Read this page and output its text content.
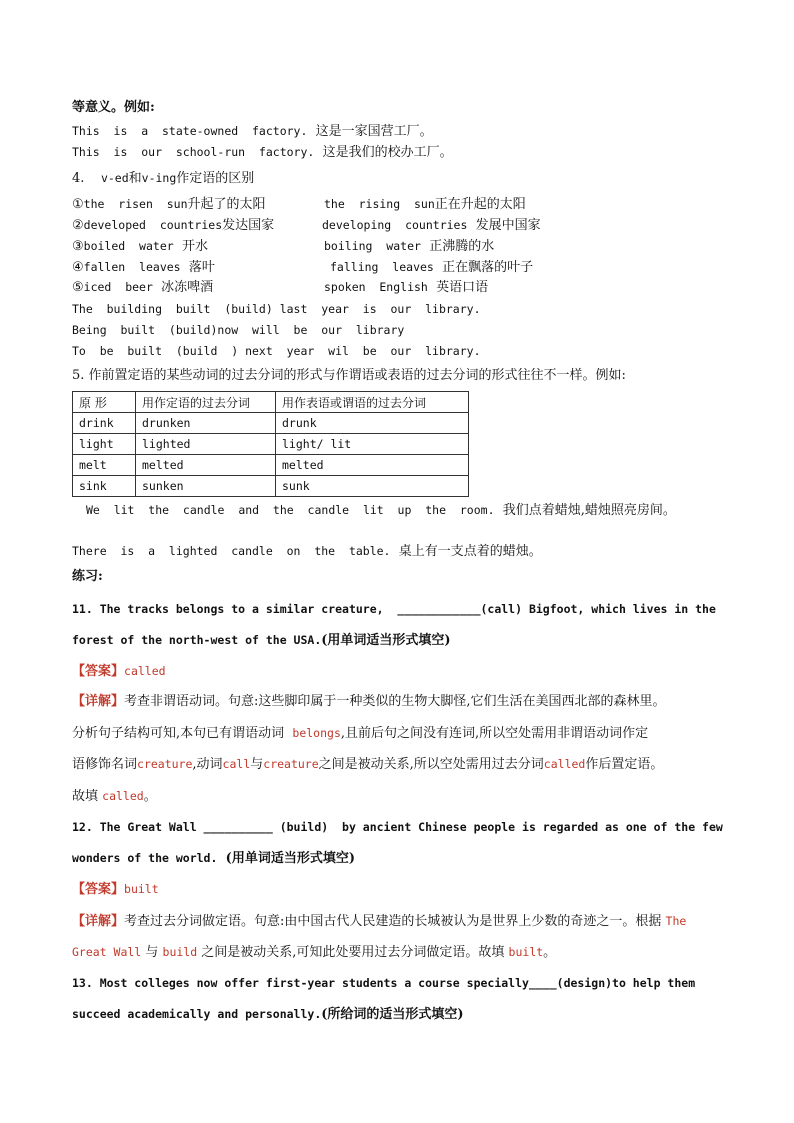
等意义。例如:
This  is  a  state-owned  factory. 这是一家国营工厂。
This  is  our  school-run  factory. 这是我们的校办工厂。
4. v-ed和v-ing作定语的区别
①the  risen  sun升起了的太阳	the  rising  sun正在升起的太阳
②developed  countries发达国家	developing  countries 发展中国家
③boiled  water 开水	boiling  water 正沸腾的水
④fallen  leaves 落叶	falling  leaves 正在飘落的叶子
⑤iced  beer 冰冻啤酒	spoken  English 英语口语
The  building  built  (build) last  year  is  our  library.
Being  built  (build)now  will  be  our  library
To  be  built  (build  ) next  year  wil  be  our  library.
5. 作前置定语的某些动词的过去分词的形式与作谓语或表语的过去分词的形式往往不一样。例如:
原 形	用作定语的过去分词	用作表语或谓语的过去分词
drink	drunken	drunk
light	lighted	light/ lit
melt	melted	melted
sink	sunken	sunk
We  lit  the  candle  and  the  candle  lit  up  the  room. 我们点着蜡烛,蜡烛照亮房间。
There  is  a  lighted  candle  on  the  table. 桌上有一支点着的蜡烛。
练习:
11. The tracks belongs to a similar creature,  ____________(call) Bigfoot, which lives in the
forest of the north-west of the USA.(用单词适当形式填空)
【答案】called
【详解】考查非谓语动词。句意:这些脚印属于一种类似的生物大脚怪,它们生活在美国西北部的森林里。
分析句子结构可知,本句已有谓语动词  belongs,且前后句之间没有连词,所以空处需用非谓语动词作定
语修饰名词creature,动词call与creature之间是被动关系,所以空处需用过去分词called作后置定语。
故填 called。
12. The Great Wall __________ (build)  by ancient Chinese people is regarded as one of the few
wonders of the world. (用单词适当形式填空)
【答案】built
【详解】考查过去分词做定语。句意:由中国古代人民建造的长城被认为是世界上少数的奇迹之一。根据 The
Great Wall 与 build 之间是被动关系,可知此处要用过去分词做定语。故填 built。
13. Most colleges now offer first-year students a course specially____(design)to help them
succeed academically and personally.(所给词的适当形式填空)
